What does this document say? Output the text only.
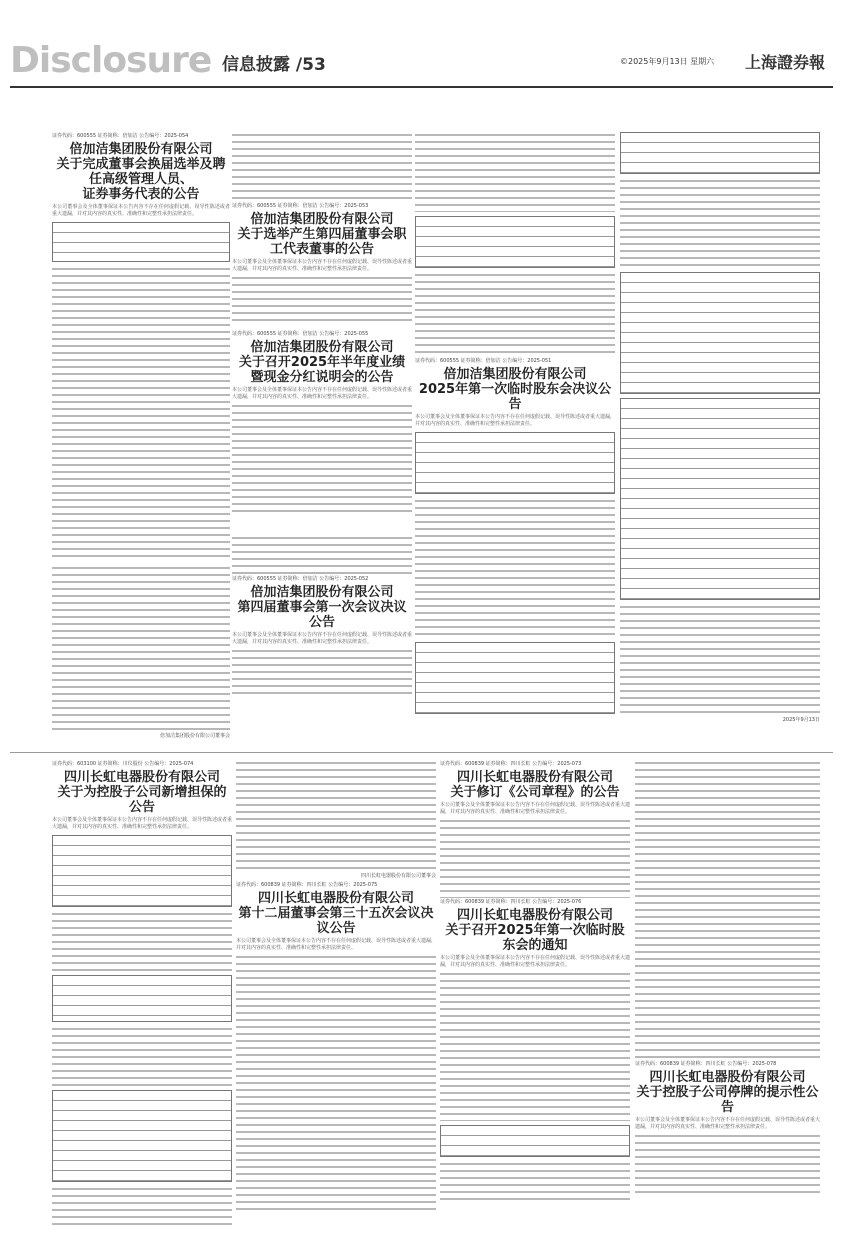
Disclosure 信息披露 /53	©2025年9月13日 星期六 上海證券報

证券代码：600555 证券简称：倍加洁 公告编号：2025-054

倍加洁集团股份有限公司
关于完成董事会换届选举及聘任高级管理人员、
证券事务代表的公告

本公司董事会及全体董事保证本公告内容不存在任何虚假记载、误导性陈述或者重大遗漏，并对其内容的真实性、准确性和完整性承担法律责任。

证券代码：600555 证券简称：倍加洁 公告编号：2025-053

倍加洁集团股份有限公司
关于选举产生第四届董事会职工代表董事的公告

本公司董事会及全体董事保证本公告内容不存在任何虚假记载、误导性陈述或者重大遗漏，并对其内容的真实性、准确性和完整性承担法律责任。

证券代码：600555 证券简称：倍加洁 公告编号：2025-055

倍加洁集团股份有限公司
关于召开2025年半年度业绩
暨现金分红说明会的公告

本公司董事会及全体董事保证本公告内容不存在任何虚假记载、误导性陈述或者重大遗漏，并对其内容的真实性、准确性和完整性承担法律责任。

证券代码：600555 证券简称：倍加洁 公告编号：2025-052

倍加洁集团股份有限公司
第四届董事会第一次会议决议公告

本公司董事会及全体董事保证本公告内容不存在任何虚假记载、误导性陈述或者重大遗漏，并对其内容的真实性、准确性和完整性承担法律责任。

倍加洁集团股份有限公司董事会

证券代码：600555 证券简称：倍加洁 公告编号：2025-051

倍加洁集团股份有限公司
2025年第一次临时股东会决议公告

本公司董事会及全体董事保证本公告内容不存在任何虚假记载、误导性陈述或者重大遗漏，并对其内容的真实性、准确性和完整性承担法律责任。

2025年9月13日

证券代码：603100 证券简称：川仪股份 公告编号：2025-074

四川长虹电器股份有限公司
关于为控股子公司新增担保的公告

本公司董事会及全体董事保证本公告内容不存在任何虚假记载、误导性陈述或者重大遗漏，并对其内容的真实性、准确性和完整性承担法律责任。

四川长虹电器股份有限公司董事会

证券代码：600839 证券简称：四川长虹 公告编号：2025-075

四川长虹电器股份有限公司
第十二届董事会第三十五次会议决议公告

本公司董事会及全体董事保证本公告内容不存在任何虚假记载、误导性陈述或者重大遗漏，并对其内容的真实性、准确性和完整性承担法律责任。

证券代码：600839 证券简称：四川长虹 公告编号：2025-073

四川长虹电器股份有限公司
关于修订《公司章程》的公告

本公司董事会及全体董事保证本公告内容不存在任何虚假记载、误导性陈述或者重大遗漏，并对其内容的真实性、准确性和完整性承担法律责任。

证券代码：600839 证券简称：四川长虹 公告编号：2025-076

四川长虹电器股份有限公司
关于召开2025年第一次临时股东会的通知

本公司董事会及全体董事保证本公告内容不存在任何虚假记载、误导性陈述或者重大遗漏，并对其内容的真实性、准确性和完整性承担法律责任。

证券代码：600839 证券简称：四川长虹 公告编号：2025-078

四川长虹电器股份有限公司
关于控股子公司停牌的提示性公告

本公司董事会及全体董事保证本公告内容不存在任何虚假记载、误导性陈述或者重大遗漏，并对其内容的真实性、准确性和完整性承担法律责任。
